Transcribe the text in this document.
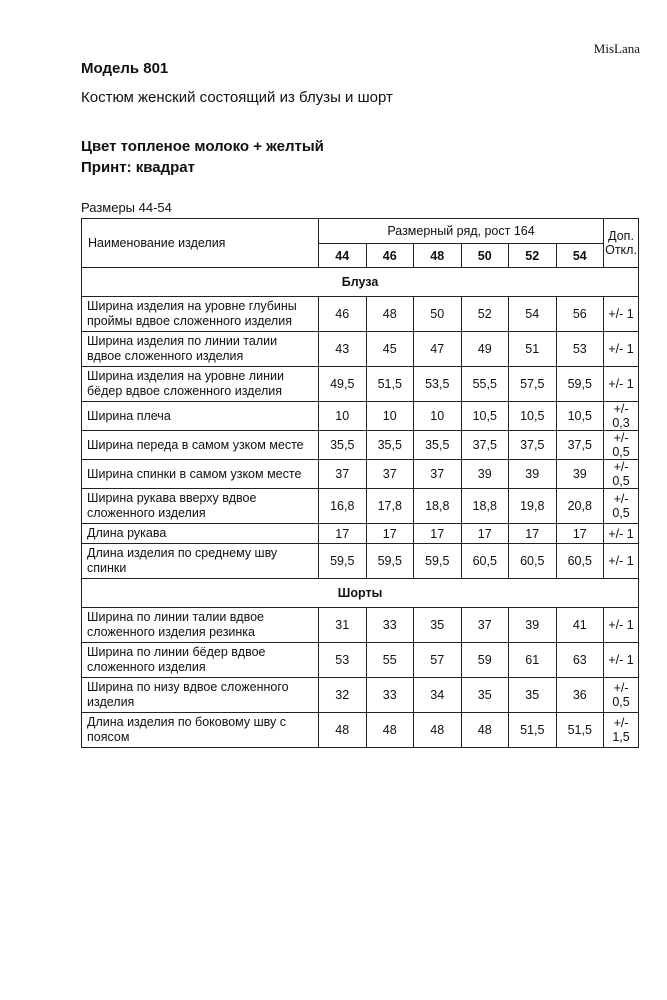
MisLana
Модель 801
Костюм женский состоящий из блузы и шорт
Цвет топленое молоко + желтый
Принт: квадрат
Размеры 44-54
Наименование изделия	Размерный ряд, рост 164						Доп. Откл.
	44	46	48	50	52	54	
Блуза							
Ширина изделия на уровне глубины проймы вдвое сложенного изделия	46	48	50	52	54	56	+/- 1
Ширина изделия по линии талии вдвое сложенного изделия	43	45	47	49	51	53	+/- 1
Ширина изделия на уровне линии бёдер вдвое сложенного изделия	49,5	51,5	53,5	55,5	57,5	59,5	+/- 1
Ширина плеча	10	10	10	10,5	10,5	10,5	+/- 0,3
Ширина переда в самом узком месте	35,5	35,5	35,5	37,5	37,5	37,5	+/- 0,5
Ширина спинки в самом узком месте	37	37	37	39	39	39	+/- 0,5
Ширина рукава вверху вдвое сложенного изделия	16,8	17,8	18,8	18,8	19,8	20,8	+/- 0,5
Длина рукава	17	17	17	17	17	17	+/- 1
Длина изделия по среднему шву спинки	59,5	59,5	59,5	60,5	60,5	60,5	+/- 1
Шорты							
Ширина по линии талии вдвое сложенного изделия резинка	31	33	35	37	39	41	+/- 1
Ширина по линии бёдер вдвое сложенного изделия	53	55	57	59	61	63	+/- 1
Ширина по низу вдвое сложенного изделия	32	33	34	35	35	36	+/- 0,5
Длина изделия по боковому шву с поясом	48	48	48	48	51,5	51,5	+/- 1,5
